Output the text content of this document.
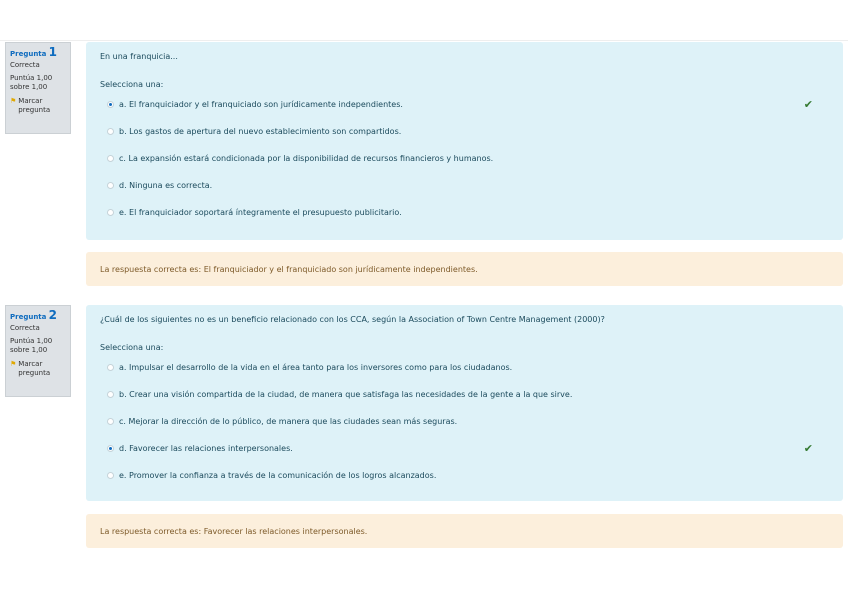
Pregunta 1
Correcta
Puntúa 1,00
sobre 1,00
⚑ Marcar
pregunta
En una franquicia...
Selecciona una:
a. El franquiciador y el franquiciado son jurídicamente independientes.	✔
b. Los gastos de apertura del nuevo establecimiento son compartidos.
c. La expansión estará condicionada por la disponibilidad de recursos financieros y humanos.
d. Ninguna es correcta.
e. El franquiciador soportará íntegramente el presupuesto publicitario.
La respuesta correcta es: El franquiciador y el franquiciado son jurídicamente independientes.
Pregunta 2
Correcta
Puntúa 1,00
sobre 1,00
⚑ Marcar
pregunta
¿Cuál de los siguientes no es un beneficio relacionado con los CCA, según la Association of Town Centre Management (2000)?
Selecciona una:
a. Impulsar el desarrollo de la vida en el área tanto para los inversores como para los ciudadanos.
b. Crear una visión compartida de la ciudad, de manera que satisfaga las necesidades de la gente a la que sirve.
c. Mejorar la dirección de lo público, de manera que las ciudades sean más seguras.
d. Favorecer las relaciones interpersonales.	✔
e. Promover la confianza a través de la comunicación de los logros alcanzados.
La respuesta correcta es: Favorecer las relaciones interpersonales.
